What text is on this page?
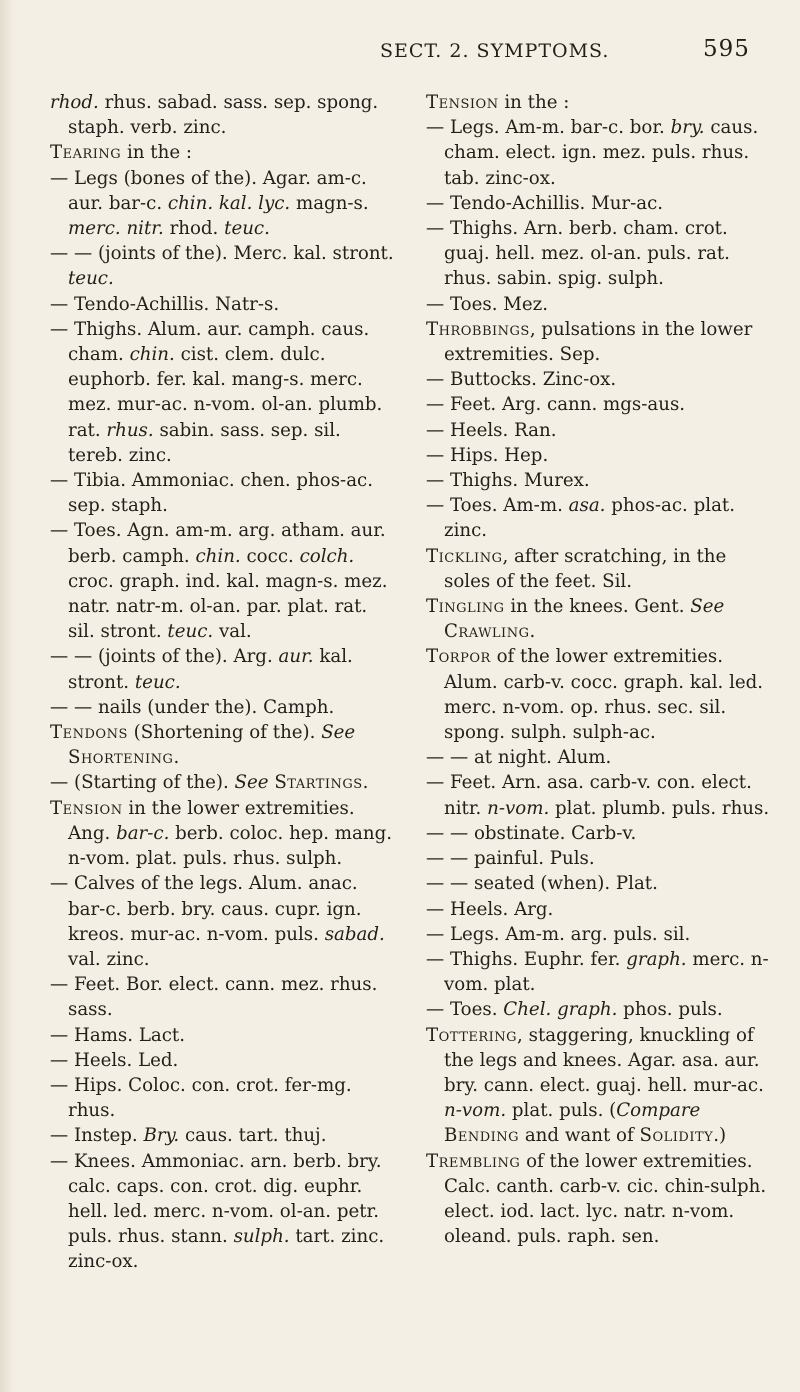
SECT. 2. SYMPTOMS.	595

rhod. rhus. sabad. sass. sep. spong. staph. verb. zinc.

Tearing in the :

— Legs (bones of the). Agar. am-c. aur. bar-c. chin. kal. lyc. magn-s. merc. nitr. rhod. teuc.

— — (joints of the). Merc. kal. stront. teuc.

— Tendo-Achillis. Natr-s.

— Thighs. Alum. aur. camph. caus. cham. chin. cist. clem. dulc. euphorb. fer. kal. mang-s. merc. mez. mur-ac. n-vom. ol-an. plumb. rat. rhus. sabin. sass. sep. sil. tereb. zinc.

— Tibia. Ammoniac. chen. phos-ac. sep. staph.

— Toes. Agn. am-m. arg. atham. aur. berb. camph. chin. cocc. colch. croc. graph. ind. kal. magn-s. mez. natr. natr-m. ol-an. par. plat. rat. sil. stront. teuc. val.

— — (joints of the). Arg. aur. kal. stront. teuc.

— — nails (under the). Camph.

Tendons (Shortening of the). See Shortening.

— (Starting of the). See Startings.

Tension in the lower extremities. Ang. bar-c. berb. coloc. hep. mang. n-vom. plat. puls. rhus. sulph.

— Calves of the legs. Alum. anac. bar-c. berb. bry. caus. cupr. ign. kreos. mur-ac. n-vom. puls. sabad. val. zinc.

— Feet. Bor. elect. cann. mez. rhus. sass.

— Hams. Lact.

— Heels. Led.

— Hips. Coloc. con. crot. fer-mg. rhus.

— Instep. Bry. caus. tart. thuj.

— Knees. Ammoniac. arn. berb. bry. calc. caps. con. crot. dig. euphr. hell. led. merc. n-vom. ol-an. petr. puls. rhus. stann. sulph. tart. zinc. zinc-ox.

Tension in the :

— Legs. Am-m. bar-c. bor. bry. caus. cham. elect. ign. mez. puls. rhus. tab. zinc-ox.

— Tendo-Achillis. Mur-ac.

— Thighs. Arn. berb. cham. crot. guaj. hell. mez. ol-an. puls. rat. rhus. sabin. spig. sulph.

— Toes. Mez.

Throbbings, pulsations in the lower extremities. Sep.

— Buttocks. Zinc-ox.

— Feet. Arg. cann. mgs-aus.

— Heels. Ran.

— Hips. Hep.

— Thighs. Murex.

— Toes. Am-m. asa. phos-ac. plat. zinc.

Tickling, after scratching, in the soles of the feet. Sil.

Tingling in the knees. Gent. See Crawling.

Torpor of the lower extremities. Alum. carb-v. cocc. graph. kal. led. merc. n-vom. op. rhus. sec. sil. spong. sulph. sulph-ac.

— — at night. Alum.

— Feet. Arn. asa. carb-v. con. elect. nitr. n-vom. plat. plumb. puls. rhus.

— — obstinate. Carb-v.

— — painful. Puls.

— — seated (when). Plat.

— Heels. Arg.

— Legs. Am-m. arg. puls. sil.

— Thighs. Euphr. fer. graph. merc. n-vom. plat.

— Toes. Chel. graph. phos. puls.

Tottering, staggering, knuckling of the legs and knees. Agar. asa. aur. bry. cann. elect. guaj. hell. mur-ac. n-vom. plat. puls. (Compare Bending and want of Solidity.)

Trembling of the lower extremities. Calc. canth. carb-v. cic. chin-sulph. elect. iod. lact. lyc. natr. n-vom. oleand. puls. raph. sen.
